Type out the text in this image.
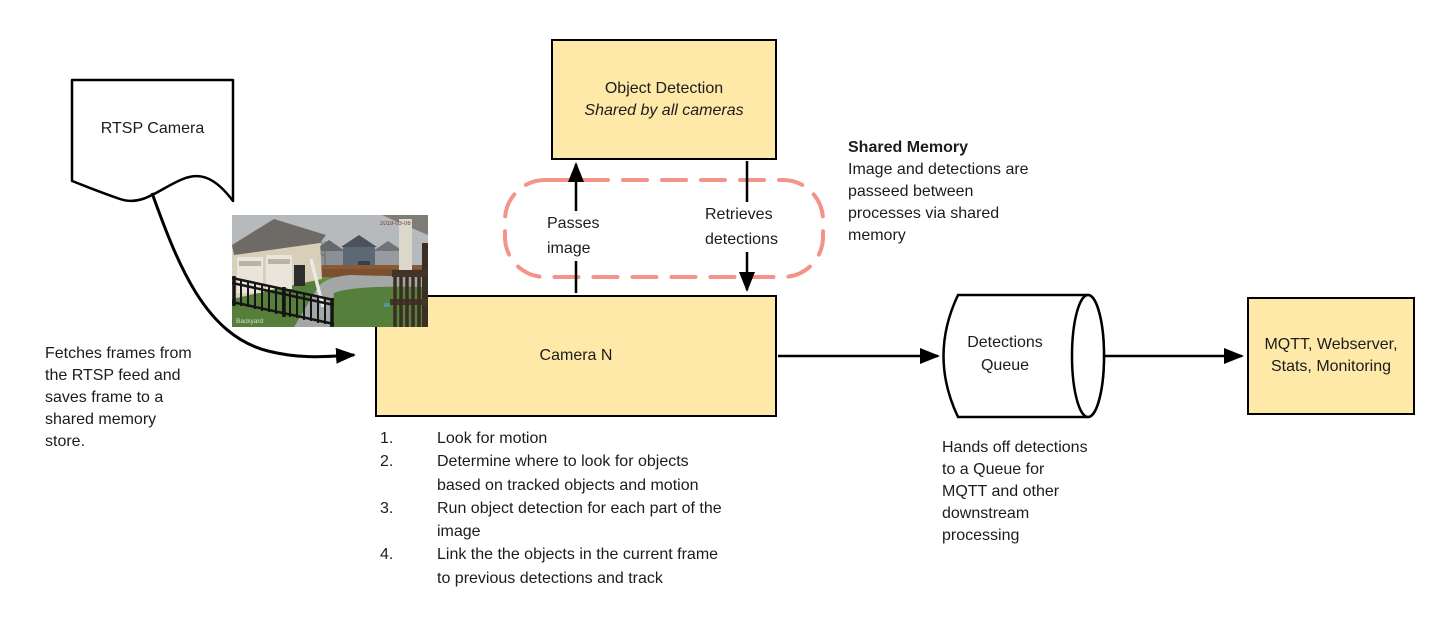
Object Detection
Shared by all cameras
Camera N
MQTT, Webserver, Stats, Monitoring
RTSP Camera
Detections Queue
Passes image
Retrieves detections
Fetches frames from the RTSP feed and saves frame to a shared memory store.
Shared Memory
Image and detections are passeed between processes via shared memory
Hands off detections to a Queue for MQTT and other downstream processing
1.	Look for motion
2.	Determine where to look for objects based on tracked objects and motion
3.	Run object detection for each part of the image
4.	Link the the objects in the current frame to previous detections and track
Backyard
2019-03-06
